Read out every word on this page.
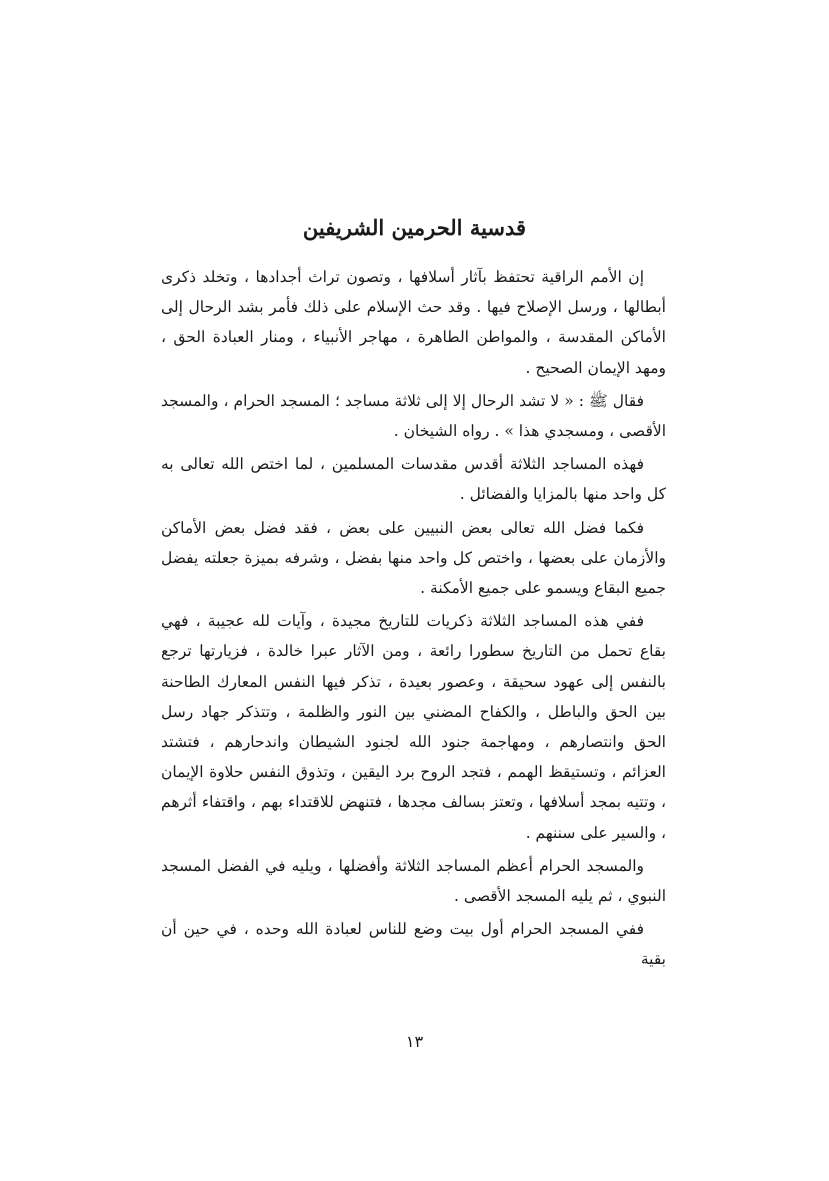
قدسية الحرمين الشريفين

إن الأمم الراقية تحتفظ بآثار أسلافها ، وتصون تراث أجدادها ، وتخلد ذكرى أبطالها ، ورسل الإصلاح فيها . وقد حث الإسلام على ذلك فأمر بشد الرحال إلى الأماكن المقدسة ، والمواطن الطاهرة ، مهاجر الأنبياء ، ومنار العبادة الحق ، ومهد الإيمان الصحيح .

فقال ﷺ : « لا تشد الرحال إلا إلى ثلاثة مساجد ؛ المسجد الحرام ، والمسجد الأقصى ، ومسجدي هذا » . رواه الشيخان .

فهذه المساجد الثلاثة أقدس مقدسات المسلمين ، لما اختص الله تعالى به كل واحد منها بالمزايا والفضائل .

فكما فضل الله تعالى بعض النبيين على بعض ، فقد فضل بعض الأماكن والأزمان على بعضها ، واختص كل واحد منها بفضل ، وشرفه بميزة جعلته يفضل جميع البقاع ويسمو على جميع الأمكنة .

ففي هذه المساجد الثلاثة ذكريات للتاريخ مجيدة ، وآيات لله عجيبة ، فهي بقاع تحمل من التاريخ سطورا رائعة ، ومن الآثار عبرا خالدة ، فزيارتها ترجع بالنفس إلى عهود سحيقة ، وعصور بعيدة ، تذكر فيها النفس المعارك الطاحنة بين الحق والباطل ، والكفاح المضني بين النور والظلمة ، وتتذكر جهاد رسل الحق وانتصارهم ، ومهاجمة جنود الله لجنود الشيطان واندحارهم ، فتشتد العزائم ، وتستيقظ الهمم ، فتجد الروح برد اليقين ، وتذوق النفس حلاوة الإيمان ، وتتيه بمجد أسلافها ، وتعتز بسالف مجدها ، فتنهض للاقتداء بهم ، واقتفاء أثرهم ، والسير على سننهم .

والمسجد الحرام أعظم المساجد الثلاثة وأفضلها ، ويليه في الفضل المسجد النبوي ، ثم يليه المسجد الأقصى .

ففي المسجد الحرام أول بيت وضع للناس لعبادة الله وحده ، في حين أن بقية

١٣
